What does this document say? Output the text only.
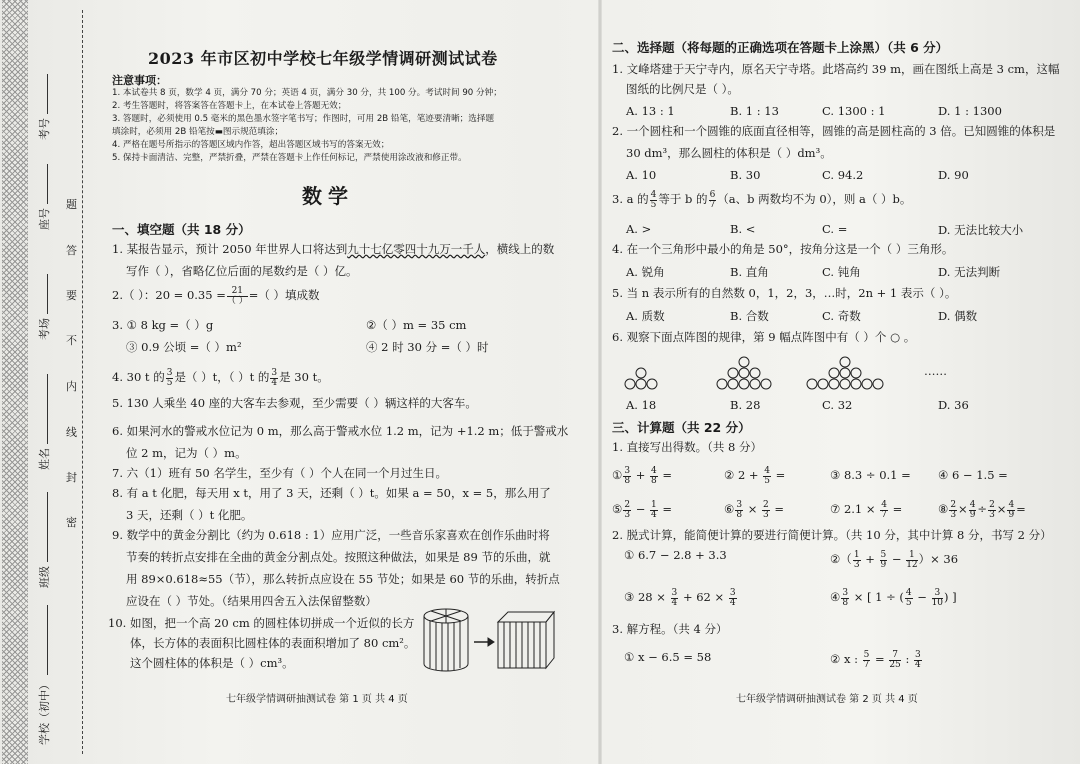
学校（初中）
班级
姓名
考场
座号
考号
题
答
要
不
内
线
封
密
2023 年市区初中学校七年级学情调研测试试卷
注意事项：
1. 本试卷共 8 页，数学 4 页，满分 70 分；英语 4 页，满分 30 分，共 100 分。考试时间 90 分钟；
2. 考生答题时，将答案答在答题卡上，在本试卷上答题无效；
3. 答题时，必须使用 0.5 毫米的黑色墨水签字笔书写；作图时，可用 2B 铅笔，笔迹要清晰；选择题
填涂时，必须用 2B 铅笔按▬图示规范填涂；
4. 严格在题号所指示的答题区域内作答，超出答题区域书写的答案无效；
5. 保持卡面清洁、完整，严禁折叠，严禁在答题卡上作任何标记，严禁使用涂改液和修正带。
数学
一、填空题（共 18 分）
1. 某报告显示，预计 2050 年世界人口将达到九十七亿零四十九万一千人，横线上的数
写作（ ），省略亿位后面的尾数约是（ ）亿。
2.（ ）：$20 = 0.35 = \frac{21}{( )}$ =（ ）填成数
3. ① 8 kg =（ ）g	②（ ）m = 35 cm
③ 0.9 公顷 =（ ）m²	④ 2 时 30 分 =（ ）时
4. 30 t 的 $\frac{3}{5}$ 是（ ）t，（ ）t 的 $\frac{3}{4}$ 是 30 t。
5. 130 人乘坐 40 座的大客车去参观，至少需要（ ）辆这样的大客车。
6. 如果河水的警戒水位记为 0 m，那么高于警戒水位 1.2 m，记为 +1.2 m；低于警戒水
位 2 m，记为（ ）m。
7. 六（1）班有 50 名学生，至少有（ ）个人在同一个月过生日。
8. 有 a t 化肥，每天用 x t，用了 3 天，还剩（ ）t。如果 a = 50，x = 5，那么用了
3 天，还剩（ ）t 化肥。
9. 数学中的黄金分割比（约为 0.618 : 1）应用广泛，一些音乐家喜欢在创作乐曲时将
节奏的转折点安排在全曲的黄金分割点处。按照这种做法，如果是 89 节的乐曲，就
用 89×0.618≈55（节），那么转折点应设在 55 节处；如果是 60 节的乐曲，转折点
应设在（ ）节处。（结果用四舍五入法保留整数）
10. 如图，把一个高 20 cm 的圆柱体切拼成一个近似的长方
体，长方体的表面积比圆柱体的表面积增加了 80 cm²。
这个圆柱体的体积是（ ）cm³。
七年级学情调研抽测试卷 第 1 页 共 4 页
二、选择题（将每题的正确选项在答题卡上涂黑）（共 6 分）
1. 文峰塔建于天宁寺内，原名天宁寺塔。此塔高约 39 m，画在图纸上高是 3 cm，这幅
图纸的比例尺是（ ）。
A. 13 : 1	B. 1 : 13	C. 1300 : 1	D. 1 : 1300
2. 一个圆柱和一个圆锥的底面直径相等，圆锥的高是圆柱高的 3 倍。已知圆锥的体积是
30 dm³，那么圆柱的体积是（ ）dm³。
A. 10	B. 30	C. 94.2	D. 90
3. a 的 $\frac{4}{5}$ 等于 b 的 $\frac{6}{7} (a$、b 两数均不为 0），则 a（ ）b。
A. >	B. <	C. =	D. 无法比较大小
4. 在一个三角形中最小的角是 50°，按角分这是一个（ ）三角形。
A. 锐角	B. 直角	C. 钝角	D. 无法判断
5. 当 n 表示所有的自然数 0，1，2，3，…时，2n + 1 表示（ ）。
A. 质数	B. 合数	C. 奇数	D. 偶数
6. 观察下面点阵图的规律，第 9 幅点阵图中有（ ）个 ○ 。
……
A. 18	B. 28	C. 32	D. 36
三、计算题（共 22 分）
1. 直接写出得数。（共 8 分）
① $\frac{3}{8} + \frac{4}{8}$ =	② $2 + \frac{4}{5}$ =	③ 8.3 ÷ 0.1 = ④ 6 − 1.5 =
⑤ $\frac{2}{3} - \frac{1}{4}$ =	⑥ $\frac{3}{8} \times \frac{2}{3}$ =	⑦ $2.1 \times \frac{4}{7}$ =	⑧ $\frac{2}{3} \times \frac{4}{9} \div \frac{2}{3} \times \frac{4}{9}$ =
2. 脱式计算，能简便计算的要进行简便计算。（共 10 分，其中计算 8 分，书写 2 分）
① 6.7 − 2.8 + 3.3	②（ $\frac{1}{3} + \frac{5}{9} - \frac{1}{12}$ ）× 36
③ $28 \times \frac{3}{4} + 62 \times \frac{3}{4}$	④ $\frac{3}{8}$ × [ 1 ÷ ( $\frac{4}{5} - \frac{3}{10}$ ) ]
3. 解方程。（共 4 分）
① x − 6.5 = 58	② x : $\frac{5}{7} = \frac{7}{25}$ : $\frac{3}{4}$
七年级学情调研抽测试卷 第 2 页 共 4 页
